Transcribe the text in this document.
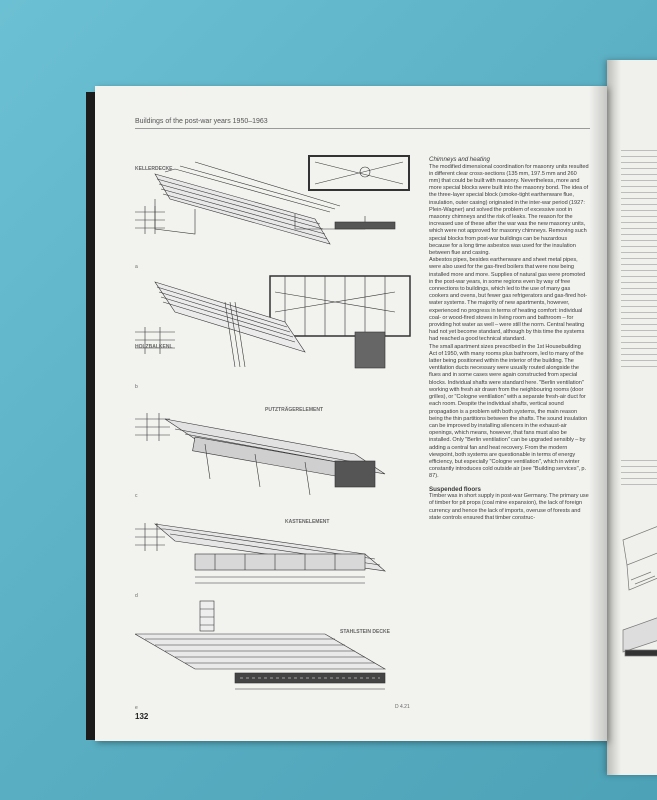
Buildings of the post-war years 1950–1963
KELLERDECKE
a
HOLZBALKENL
b
PUTZTRÄGERELEMENT
c
KASTENELEMENT
d
STAHLSTEIN DECKE
e	D 4.21

Chimneys and heating

The modified dimensional coordination for masonry units resulted in different clear cross-sections (135 mm, 197.5 mm and 260 mm) that could be built with masonry. Nevertheless, more and more special blocks were built into the masonry bond. The idea of the three-layer special block (smoke-tight earthenware flue, insulation, outer casing) originated in the inter-war period (1927: Plein-Wagner) and solved the problem of excessive soot in masonry chimneys and the risk of leaks. The reason for the increased use of these after the war was the new masonry units, which were not approved for masonry chimneys. Removing such special blocks from post-war buildings can be hazardous because for a long time asbestos was used for the insulation between flue and casing.

Asbestos pipes, besides earthenware and sheet metal pipes, were also used for the gas-fired boilers that were now being installed more and more. Supplies of natural gas were promoted in the post-war years, in some regions even by way of free connections to buildings, which led to the use of many gas cookers and ovens, but fewer gas refrigerators and gas-fired hot-water systems. The majority of new apartments, however, experienced no progress in terms of heating comfort: individual coal- or wood-fired stoves in living room and bathroom – for providing hot water as well – were still the norm. Central heating had not yet become standard, although by this time the systems had reached a good technical standard.

The small apartment sizes prescribed in the 1st Housebuilding Act of 1950, with many rooms plus bathroom, led to many of the latter being positioned within the interior of the building. The ventilation ducts necessary were usually routed alongside the flues and in some cases were again constructed from special blocks. Individual shafts were standard here. "Berlin ventilation" working with fresh air drawn from the neighbouring rooms (door grilles), or "Cologne ventilation" with a separate fresh-air duct for each room. Despite the individual shafts, vertical sound propagation is a problem with both systems, the main reason being the thin partitions between the shafts. The sound insulation can be improved by installing silencers in the exhaust-air openings, which means, however, that fans must also be installed. Only "Berlin ventilation" can be upgraded sensibly – by adding a central fan and heat recovery. From the modern viewpoint, both systems are questionable in terms of energy efficiency, but especially "Cologne ventilation", which in winter constantly introduces cold outside air (see "Building services", p. 87).

Suspended floors

Timber was in short supply in post-war Germany. The primary use of timber for pit props (coal mine expansion), the lack of foreign currency and hence the lack of imports, overuse of forests and state controls ensured that timber construc-

132
